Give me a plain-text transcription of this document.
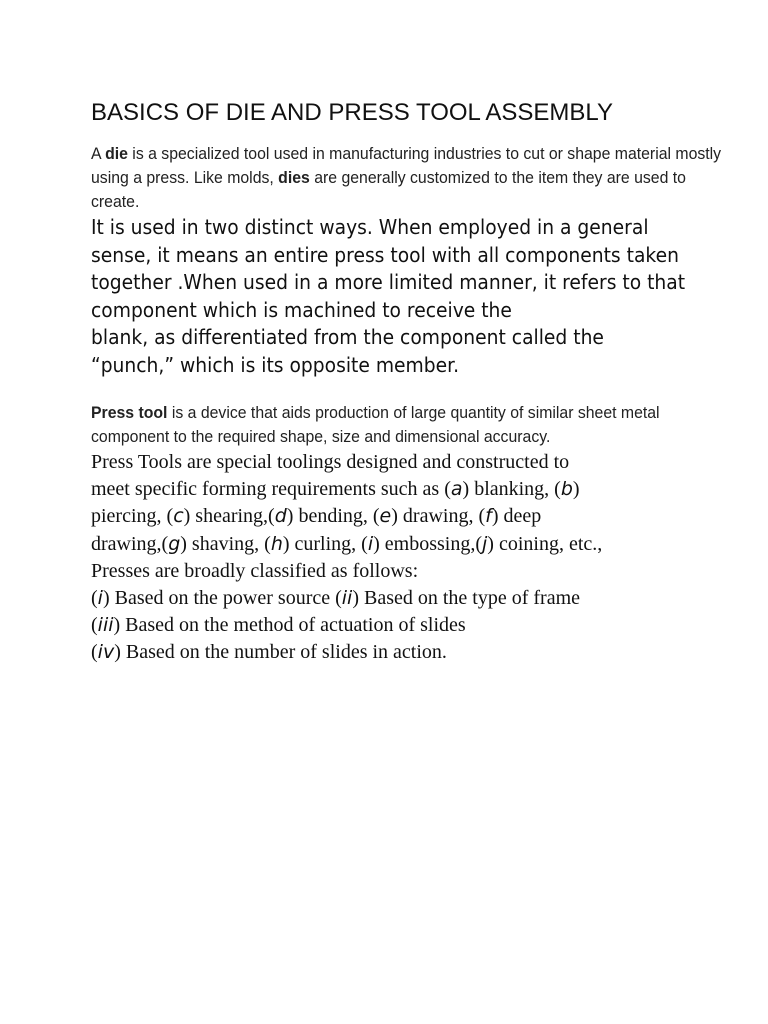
BASICS OF DIE AND PRESS TOOL ASSEMBLY

A die is a specialized tool used in manufacturing industries to cut or shape material mostly using a press. Like molds, dies are generally customized to the item they are used to create.

It is used in two distinct ways. When employed in a general sense, it means an entire press tool with all components taken together .When used in a more limited manner, it refers to that component which is machined to receive the
blank, as differentiated from the component called the “punch,” which is its opposite member.

Press tool is a device that aids production of large quantity of similar sheet metal component to the required shape, size and dimensional accuracy.

Press Tools are special toolings designed and constructed to
meet specific forming requirements such as (a) blanking, (b)
piercing, (c) shearing,(d) bending, (e) drawing, (f) deep
drawing,(g) shaving, (h) curling, (i) embossing,(j) coining, etc.,
Presses are broadly classified as follows:
(i) Based on the power source (ii) Based on the type of frame
(iii) Based on the method of actuation of slides
(iv) Based on the number of slides in action.
